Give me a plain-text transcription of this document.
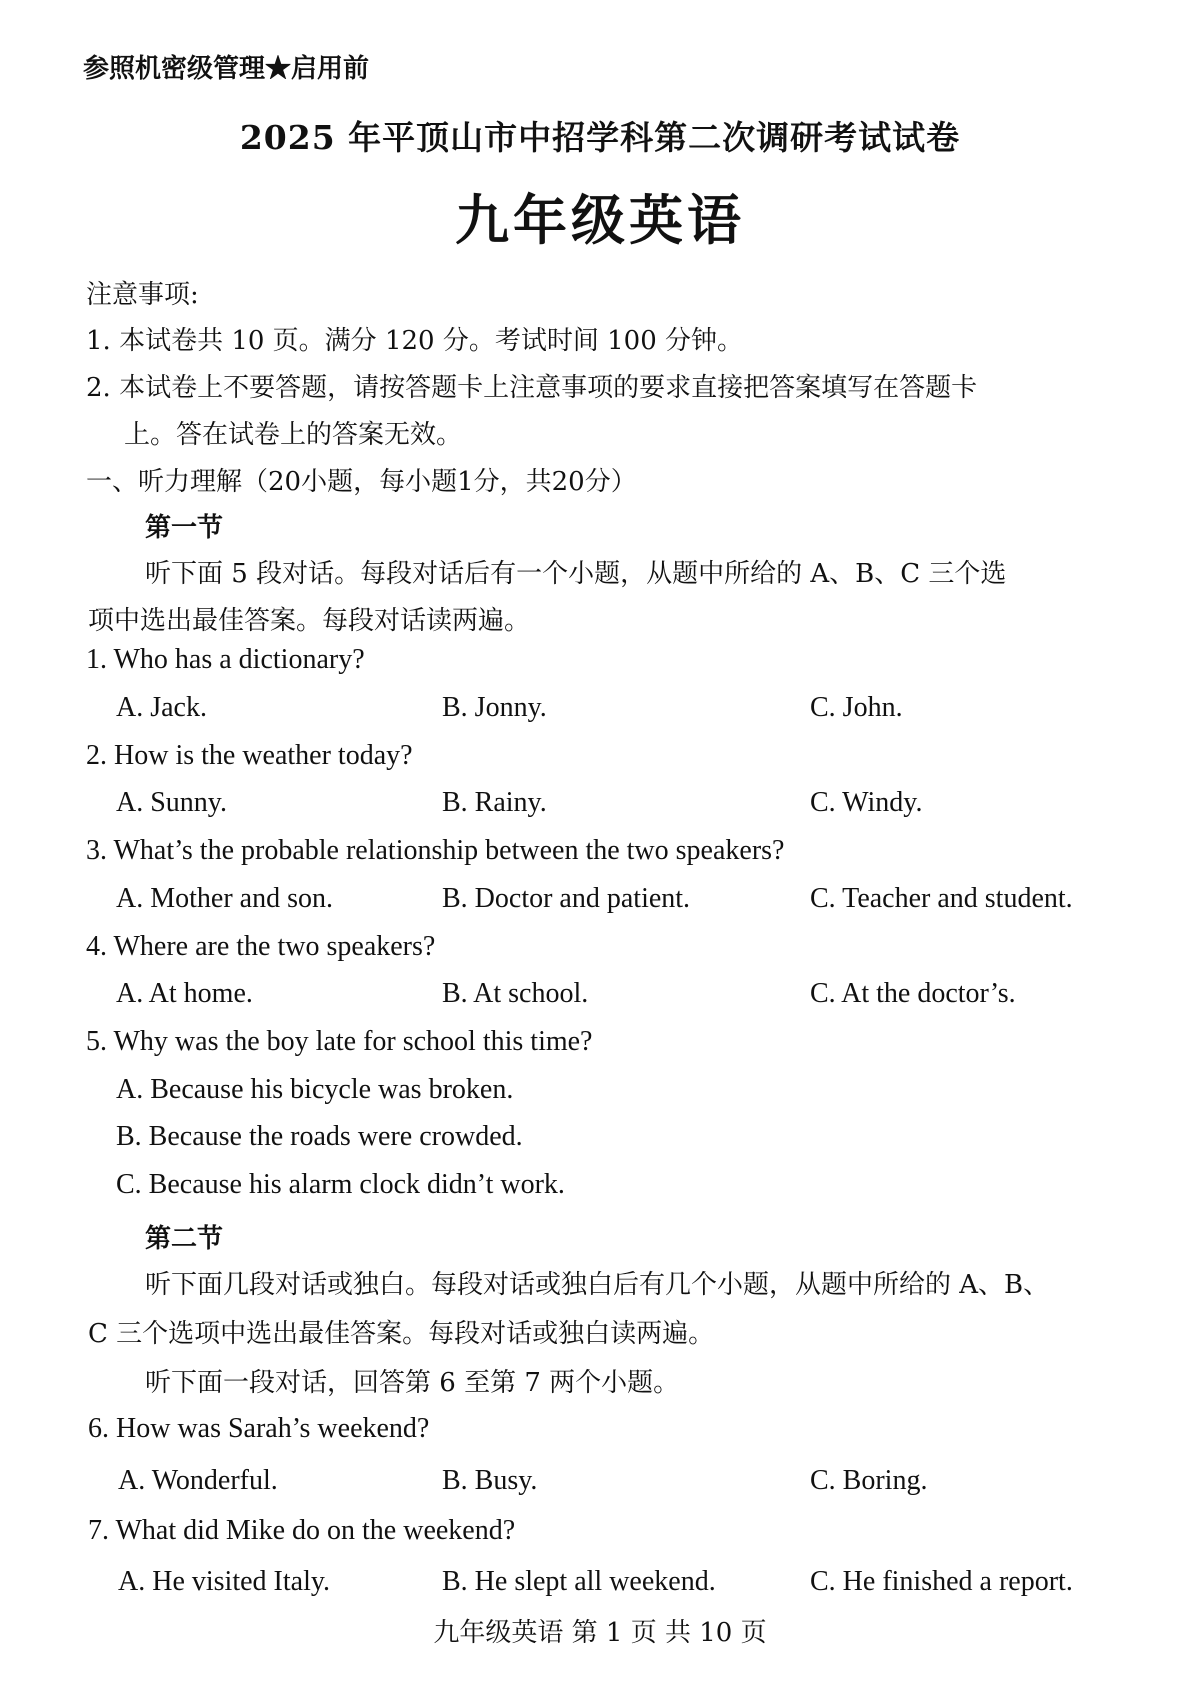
参照机密级管理★启用前
2025 年平顶山市中招学科第二次调研考试试卷
九年级英语
注意事项:
1. 本试卷共 10 页。满分 120 分。考试时间 100 分钟。
2. 本试卷上不要答题，请按答题卡上注意事项的要求直接把答案填写在答题卡
上。答在试卷上的答案无效。
一、听力理解（20小题，每小题1分，共20分）
第一节
听下面 5 段对话。每段对话后有一个小题，从题中所给的 A、B、C 三个选
项中选出最佳答案。每段对话读两遍。
1. Who has a dictionary?
A. Jack.	B. Jonny.	C. John.
2. How is the weather today?
A. Sunny.	B. Rainy.	C. Windy.
3. What’s the probable relationship between the two speakers?
A. Mother and son.	B. Doctor and patient.	C. Teacher and student.
4. Where are the two speakers?
A. At home.	B. At school.	C. At the doctor’s.
5. Why was the boy late for school this time?
A. Because his bicycle was broken.
B. Because the roads were crowded.
C. Because his alarm clock didn’t work.
第二节
听下面几段对话或独白。每段对话或独白后有几个小题，从题中所给的 A、B、
C 三个选项中选出最佳答案。每段对话或独白读两遍。
听下面一段对话，回答第 6 至第 7 两个小题。
6. How was Sarah’s weekend?
A. Wonderful.	B. Busy.	C. Boring.
7. What did Mike do on the weekend?
A. He visited Italy.	B. He slept all weekend.	C. He finished a report.
九年级英语 第 1 页 共 10 页
